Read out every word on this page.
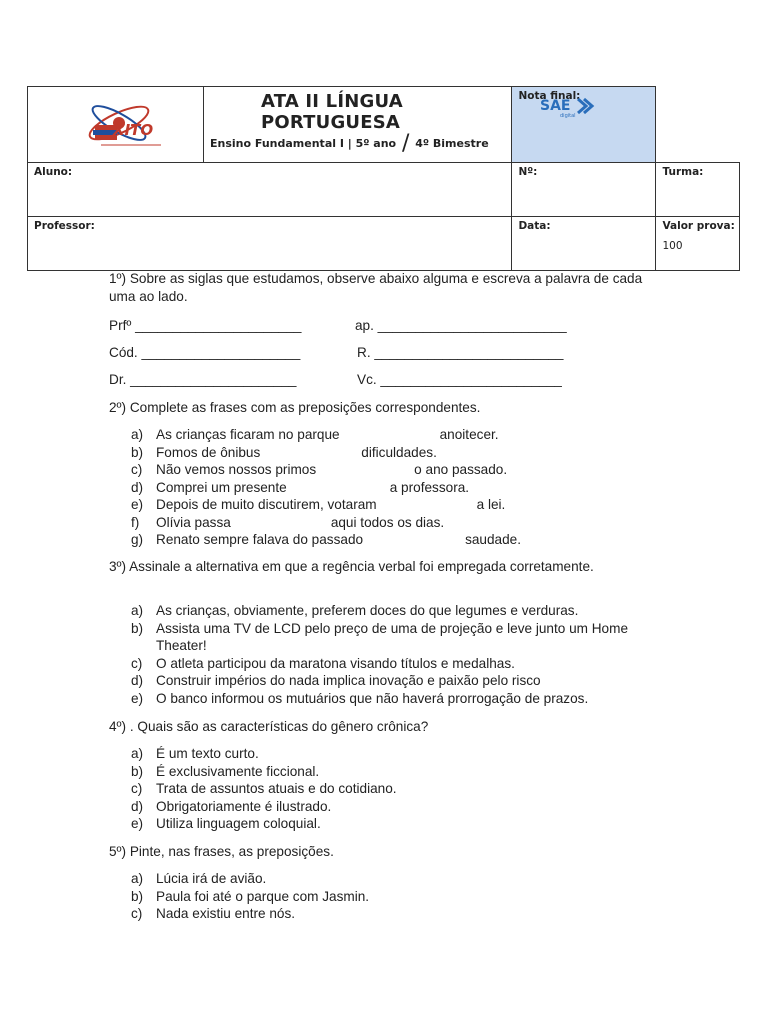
XITO	ATA II LÍNGUA PORTUGUESA
SAE
digital
Ensino Fundamental I | 5º ano / 4º Bimestre	Nota final:	

Aluno:		Nº:	Turma:

Professor:		Data:	Valor prova:
100

1º) Sobre as siglas que estudamos, observe abaixo alguma e escreva a palavra de cada uma ao lado.

Prfº ______________________	ap. _________________________
Cód. _____________________	R. _________________________
Dr. ______________________	Vc. ________________________

2º) Complete as frases com as preposições correspondentes.

a) As crianças ficaram no parque	anoitecer.
b) Fomos de ônibus	dificuldades.
c) Não vemos nossos primos	o ano passado.
d) Comprei um presente	a professora.
e) Depois de muito discutirem, votaram	a lei.
f) Olívia passa	aqui todos os dias.
g) Renato sempre falava do passado	saudade.

3º) Assinale a alternativa em que a regência verbal foi empregada corretamente.

a) As crianças, obviamente, preferem doces do que legumes e verduras.
b) Assista uma TV de LCD pelo preço de uma de projeção e leve junto um Home Theater!
c) O atleta participou da maratona visando títulos e medalhas.
d) Construir impérios do nada implica inovação e paixão pelo risco
e) O banco informou os mutuários que não haverá prorrogação de prazos.

4º) . Quais são as características do gênero crônica?

a) É um texto curto.
b) É exclusivamente ficcional.
c) Trata de assuntos atuais e do cotidiano.
d) Obrigatoriamente é ilustrado.
e) Utiliza linguagem coloquial.

5º) Pinte, nas frases, as preposições.

a) Lúcia irá de avião.
b) Paula foi até o parque com Jasmin.
c) Nada existiu entre nós.
